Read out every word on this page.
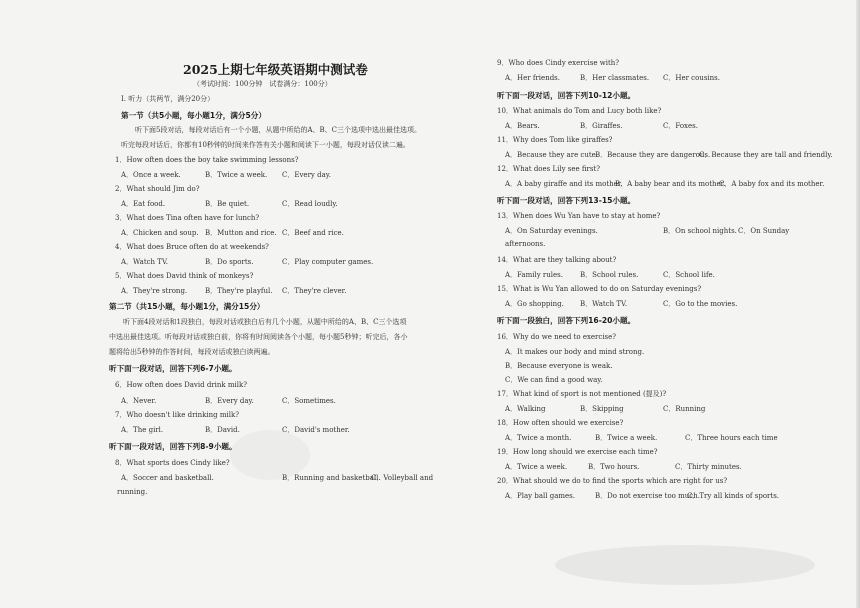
2025上期七年级英语期中测试卷
（考试时间：100分钟　试卷满分：100分）
I. 听力（共两节，满分20分）
第一节（共5小题，每小题1分，满分5分）
听下面5段对话，每段对话后有一个小题，从题中所给的A、B、C三个选项中选出最佳选项。
听完每段对话后，你都有10秒钟的时间来作答有关小题和阅读下一小题，每段对话仅读二遍。
1．How often does the boy take swimming lessons?
A．Once a week.	B．Twice a week. C．Every day.
2．What should Jim do?
A．Eat food.	B．Be quiet.	C．Read loudly.
3．What does Tina often have for lunch?
A．Chicken and soup. B．Mutton and rice. C．Beef and rice.
4．What does Bruce often do at weekends?
A．Watch TV.	B．Do sports.	C．Play computer games.
5．What does David think of monkeys?
A．They're strong.	B．They're playful. C．They're clever.
第二节（共15小题，每小题1分，满分15分）
听下面4段对话和1段独白，每段对话或独白后有几个小题，从题中所给的A、B、C三个选项
中选出最佳选项。听每段对话或独白前，你将有时间阅读各个小题，每小题5秒钟；听完后，各小
题将给出5秒钟的作答时间，每段对话或独白读两遍。
听下面一段对话，回答下列6-7小题。
6．How often does David drink milk?
A．Never.	B．Every day.	C．Sometimes.
7．Who doesn't like drinking milk?
A．The girl.	B．David.	C．David's mother.
听下面一段对话，回答下列8-9小题。
8．What sports does Cindy like?
A．Soccer and basketball.	B．Running and basketball.
C．Volleyball and
running.
9．Who does Cindy exercise with?
A．Her friends.	B．Her classmates. C．Her cousins.
听下面一段对话，回答下列10-12小题。
10．What animals do Tom and Lucy both like?
A．Bears.	B．Giraffes.	C．Foxes.
11．Why does Tom like giraffes?
A．Because they are cute.
B．Because they are dangerous.
C．Because they are tall and friendly.
12．What does Lily see first?
A．A baby giraffe and its mother.
B．A baby bear and its mother.
C．A baby fox and its mother.
听下面一段对话，回答下列13-15小题。
13．When does Wu Yan have to stay at home?
A．On Saturday evenings.	B．On school nights. C．On Sunday
afternoons.
14．What are they talking about?
A．Family rules. B．School rules.	C．School life.
15．What is Wu Yan allowed to do on Saturday evenings?
A．Go shopping. B．Watch TV.	C．Go to the movies.
听下面一段独白，回答下列16-20小题。
16．Why do we need to exercise?
A．It makes our body and mind strong.
B．Because everyone is weak.
C．We can find a good way.
17．What kind of sport is not mentioned (提及)?
A．Walking	B．Skipping	C．Running
18．How often should we exercise?
A．Twice a month.	B．Twice a week.	C．Three hours each time
19．How long should we exercise each time?
A．Twice a week.	B．Two hours.	C．Thirty minutes.
20．What should we do to find the sports which are right for us?
A．Play ball games.	B．Do not exercise too much.
C．Try all kinds of sports.
